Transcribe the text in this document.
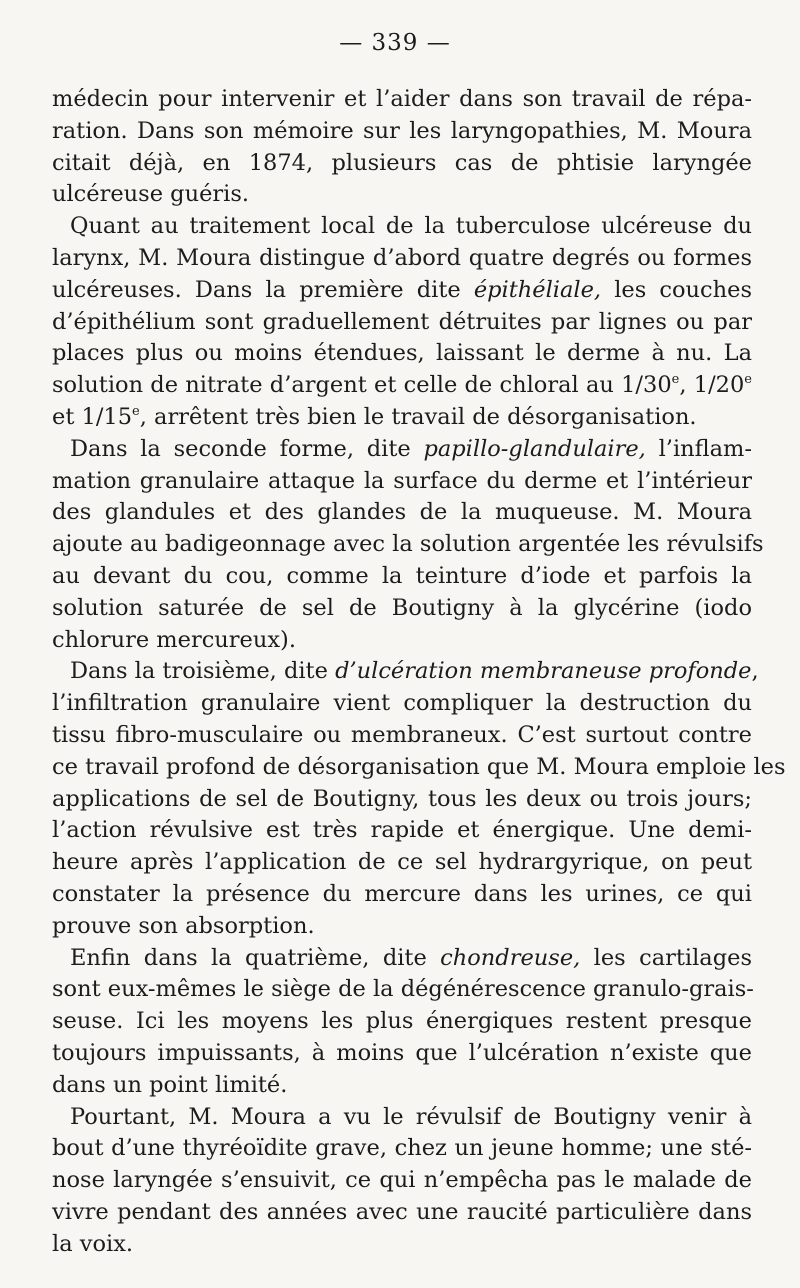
— 339 —
médecin pour intervenir et l’aider dans son travail de répa-
ration. Dans son mémoire sur les laryngopathies, M. Moura
citait déjà, en 1874, plusieurs cas de phtisie laryngée
ulcéreuse guéris.
Quant au traitement local de la tuberculose ulcéreuse du
larynx, M. Moura distingue d’abord quatre degrés ou formes
ulcéreuses. Dans la première dite épithéliale, les couches
d’épithélium sont graduellement détruites par lignes ou par
places plus ou moins étendues, laissant le derme à nu. La
solution de nitrate d’argent et celle de chloral au 1/30e, 1/20e
et 1/15e, arrêtent très bien le travail de désorganisation.
Dans la seconde forme, dite papillo-glandulaire, l’inflam-
mation granulaire attaque la surface du derme et l’intérieur
des glandules et des glandes de la muqueuse. M. Moura
ajoute au badigeonnage avec la solution argentée les révulsifs
au devant du cou, comme la teinture d’iode et parfois la
solution saturée de sel de Boutigny à la glycérine (iodo
chlorure mercureux).
Dans la troisième, dite d’ulcération membraneuse profonde,
l’infiltration granulaire vient compliquer la destruction du
tissu fibro-musculaire ou membraneux. C’est surtout contre
ce travail profond de désorganisation que M. Moura emploie les
applications de sel de Boutigny, tous les deux ou trois jours;
l’action révulsive est très rapide et énergique. Une demi-
heure après l’application de ce sel hydrargyrique, on peut
constater la présence du mercure dans les urines, ce qui
prouve son absorption.
Enfin dans la quatrième, dite chondreuse, les cartilages
sont eux-mêmes le siège de la dégénérescence granulo-grais-
seuse. Ici les moyens les plus énergiques restent presque
toujours impuissants, à moins que l’ulcération n’existe que
dans un point limité.
Pourtant, M. Moura a vu le révulsif de Boutigny venir à
bout d’une thyréoïdite grave, chez un jeune homme; une sté-
nose laryngée s’ensuivit, ce qui n’empêcha pas le malade de
vivre pendant des années avec une raucité particulière dans
la voix.
